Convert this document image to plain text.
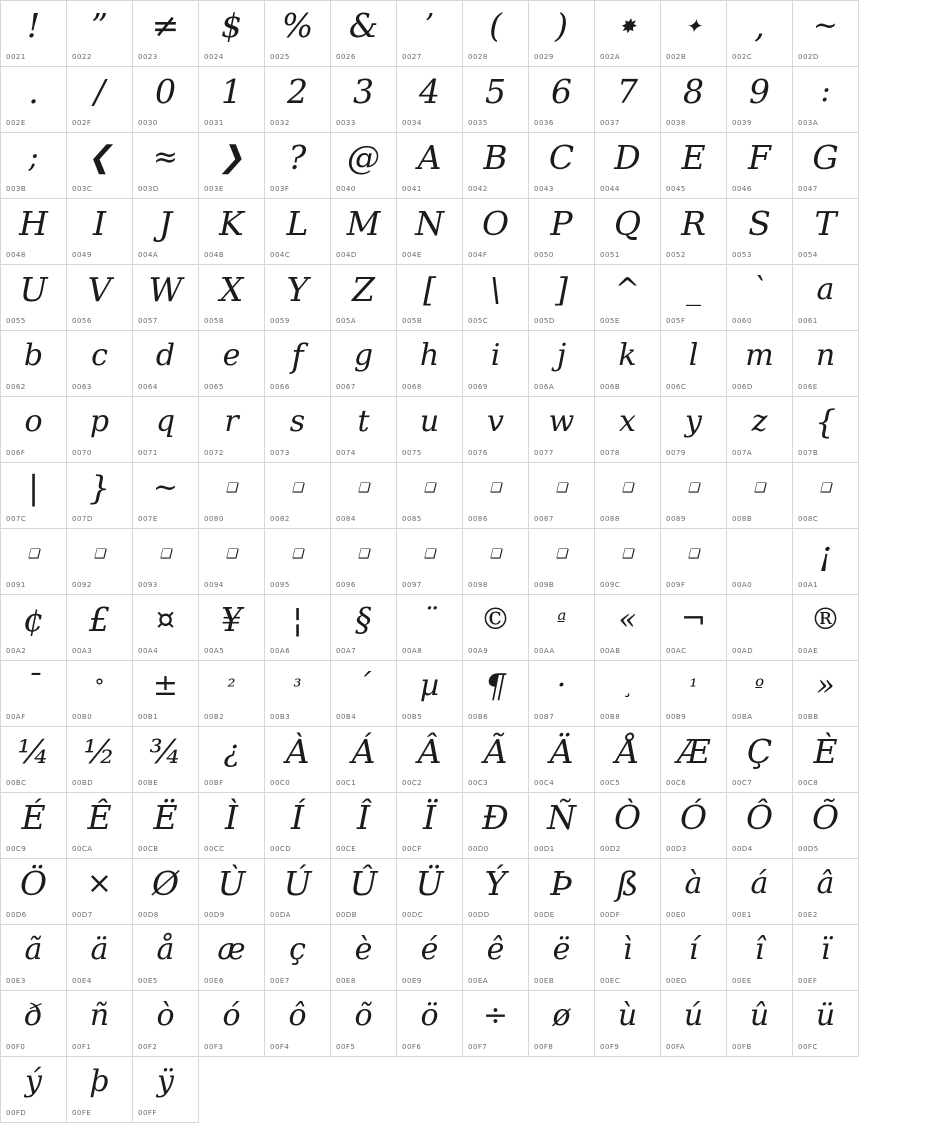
!
0021
”
0022
≠
0023
$
0024
%
0025
&
0026
’
0027
(
0028
)
0029
✸
002A
✦
002B
,
002C
~
002D
.
002E
/
002F
0
0030
1
0031
2
0032
3
0033
4
0034
5
0035
6
0036
7
0037
8
0038
9
0039
:
003A
;
003B
❮
003C
≈
003D
❯
003E
?
003F
@
0040
A
0041
B
0042
C
0043
D
0044
E
0045
F
0046
G
0047
H
0048
I
0049
J
004A
K
004B
L
004C
M
004D
N
004E
O
004F
P
0050
Q
0051
R
0052
S
0053
T
0054
U
0055
V
0056
W
0057
X
0058
Y
0059
Z
005A
[
005B
\
005C
]
005D
^
005E
_
005F
`
0060
a
0061
b
0062
c
0063
d
0064
e
0065
f
0066
g
0067
h
0068
i
0069
j
006A
k
006B
l
006C
m
006D
n
006E
o
006F
p
0070
q
0071
r
0072
s
0073
t
0074
u
0075
v
0076
w
0077
x
0078
y
0079
z
007A
{
007B
|
007C
}
007D
~
007E
❑
0080
❑
0082
❑
0084
❑
0085
❑
0086
❑
0087
❑
0088
❑
0089
❑
008B
❑
008C
❑
0091
❑
0092
❑
0093
❑
0094
❑
0095
❑
0096
❑
0097
❑
0098
❑
009B
❑
009C
❑
009F	00A0
¡
00A1
¢
00A2
£
00A3
¤
00A4
¥
00A5
¦
00A6
§
00A7
¨
00A8
©
00A9
ª
00AA
«
00AB
¬
00AC	00AD
®
00AE
¯
00AF
°
00B0
±
00B1
²
00B2
³
00B3
´
00B4
µ
00B5
¶
00B6
·
00B7
¸
00B8
¹
00B9
º
00BA
»
00BB
¼
00BC
½
00BD
¾
00BE
¿
00BF
À
00C0
Á
00C1
Â
00C2
Ã
00C3
Ä
00C4
Å
00C5
Æ
00C6
Ç
00C7
È
00C8
É
00C9
Ê
00CA
Ë
00CB
Ì
00CC
Í
00CD
Î
00CE
Ï
00CF
Ð
00D0
Ñ
00D1
Ò
00D2
Ó
00D3
Ô
00D4
Õ
00D5
Ö
00D6
×
00D7
Ø
00D8
Ù
00D9
Ú
00DA
Û
00DB
Ü
00DC
Ý
00DD
Þ
00DE
ß
00DF
à
00E0
á
00E1
â
00E2
ã
00E3
ä
00E4
å
00E5
æ
00E6
ç
00E7
è
00E8
é
00E9
ê
00EA
ë
00EB
ì
00EC
í
00ED
î
00EE
ï
00EF
ð
00F0
ñ
00F1
ò
00F2
ó
00F3
ô
00F4
õ
00F5
ö
00F6
÷
00F7
ø
00F8
ù
00F9
ú
00FA
û
00FB
ü
00FC
ý
00FD
þ
00FE
ÿ
00FF
